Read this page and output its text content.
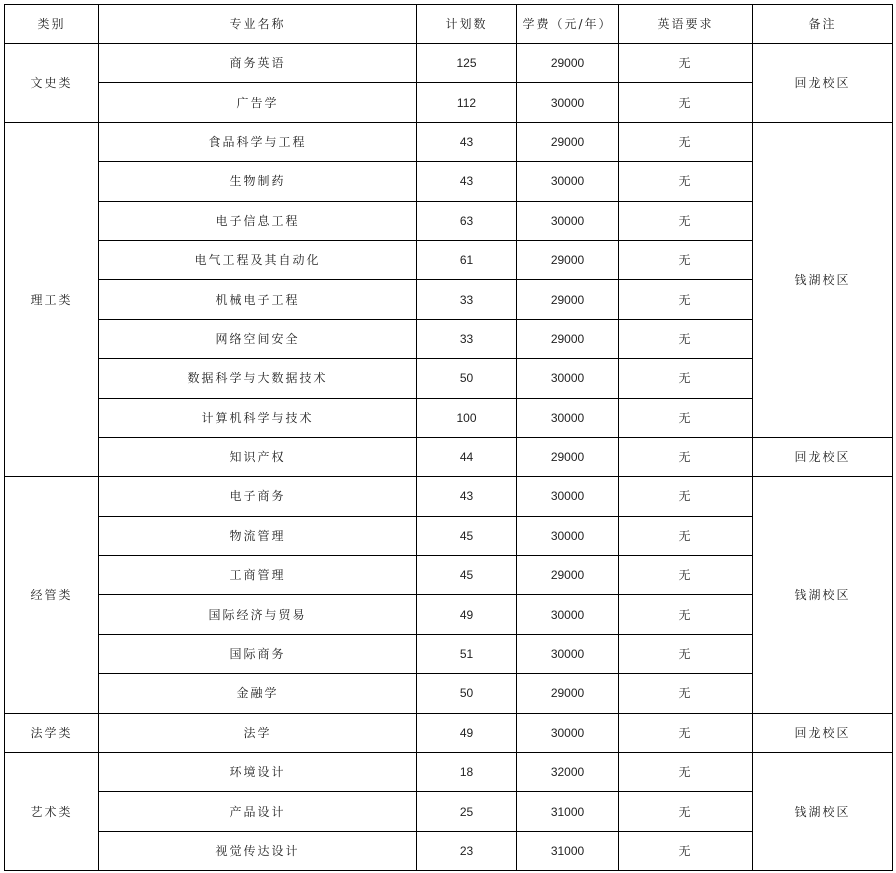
类别	专业名称	计划数	学费（元/年）	英语要求	备注
文史类	商务英语	125	29000	无	回龙校区
	广告学	112	30000	无	
理工类	食品科学与工程	43	29000	无	钱湖校区
	生物制药	43	30000	无	
	电子信息工程	63	30000	无	
	电气工程及其自动化	61	29000	无	
	机械电子工程	33	29000	无	
	网络空间安全	33	29000	无	
	数据科学与大数据技术	50	30000	无	
	计算机科学与技术	100	30000	无	
	知识产权	44	29000	无	回龙校区
经管类	电子商务	43	30000	无	钱湖校区
	物流管理	45	30000	无	
	工商管理	45	29000	无	
	国际经济与贸易	49	30000	无	
	国际商务	51	30000	无	
	金融学	50	29000	无	
法学类	法学	49	30000	无	回龙校区
艺术类	环境设计	18	32000	无	钱湖校区
	产品设计	25	31000	无	
	视觉传达设计	23	31000	无	
